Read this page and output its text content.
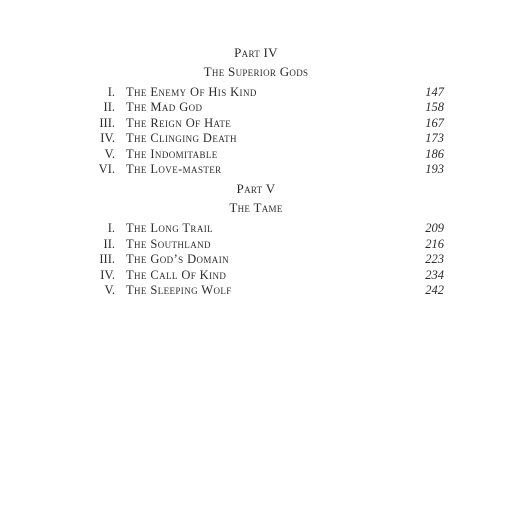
Part IV
The Superior Gods
I. The Enemy Of His Kind	147
II. The Mad God	158
III. The Reign Of Hate	167
IV. The Clinging Death	173
V. The Indomitable	186
VI. The Love-master	193
Part V
The Tame
I. The Long Trail	209
II. The Southland	216
III. The God’s Domain	223
IV. The Call Of Kind	234
V. The Sleeping Wolf	242
